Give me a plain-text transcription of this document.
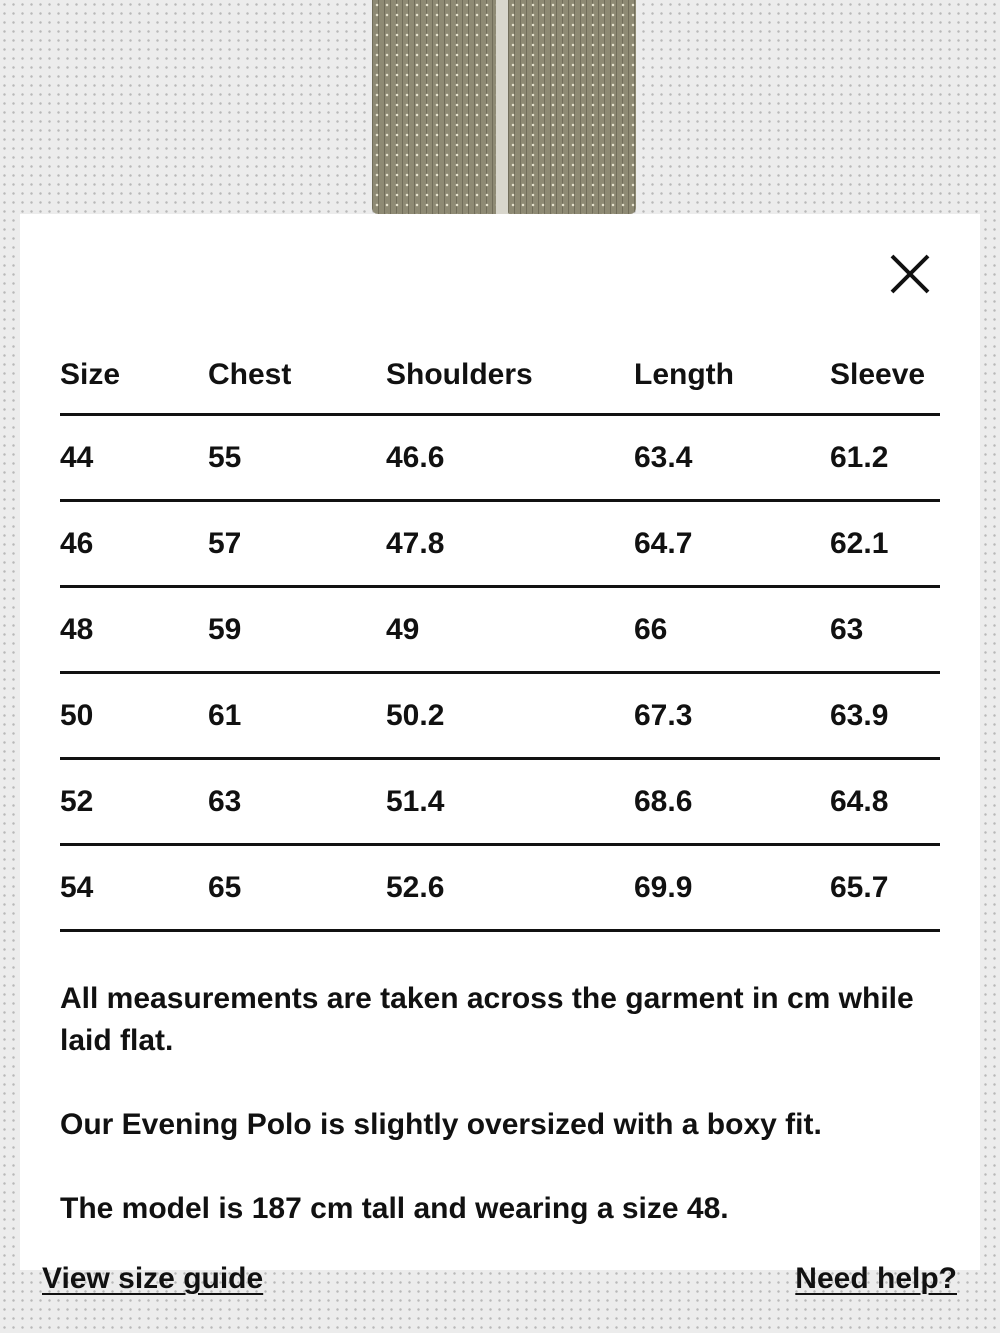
Size	Chest	Shoulders	Length	Sleeve
44	55	46.6	63.4	61.2
46	57	47.8	64.7	62.1
48	59	49	66	63
50	61	50.2	67.3	63.9
52	63	51.4	68.6	64.8
54	65	52.6	69.9	65.7

All measurements are taken across the garment in cm while laid flat.

Our Evening Polo is slightly oversized with a boxy fit.

The model is 187 cm tall and wearing a size 48.

View size guide	Need help?
